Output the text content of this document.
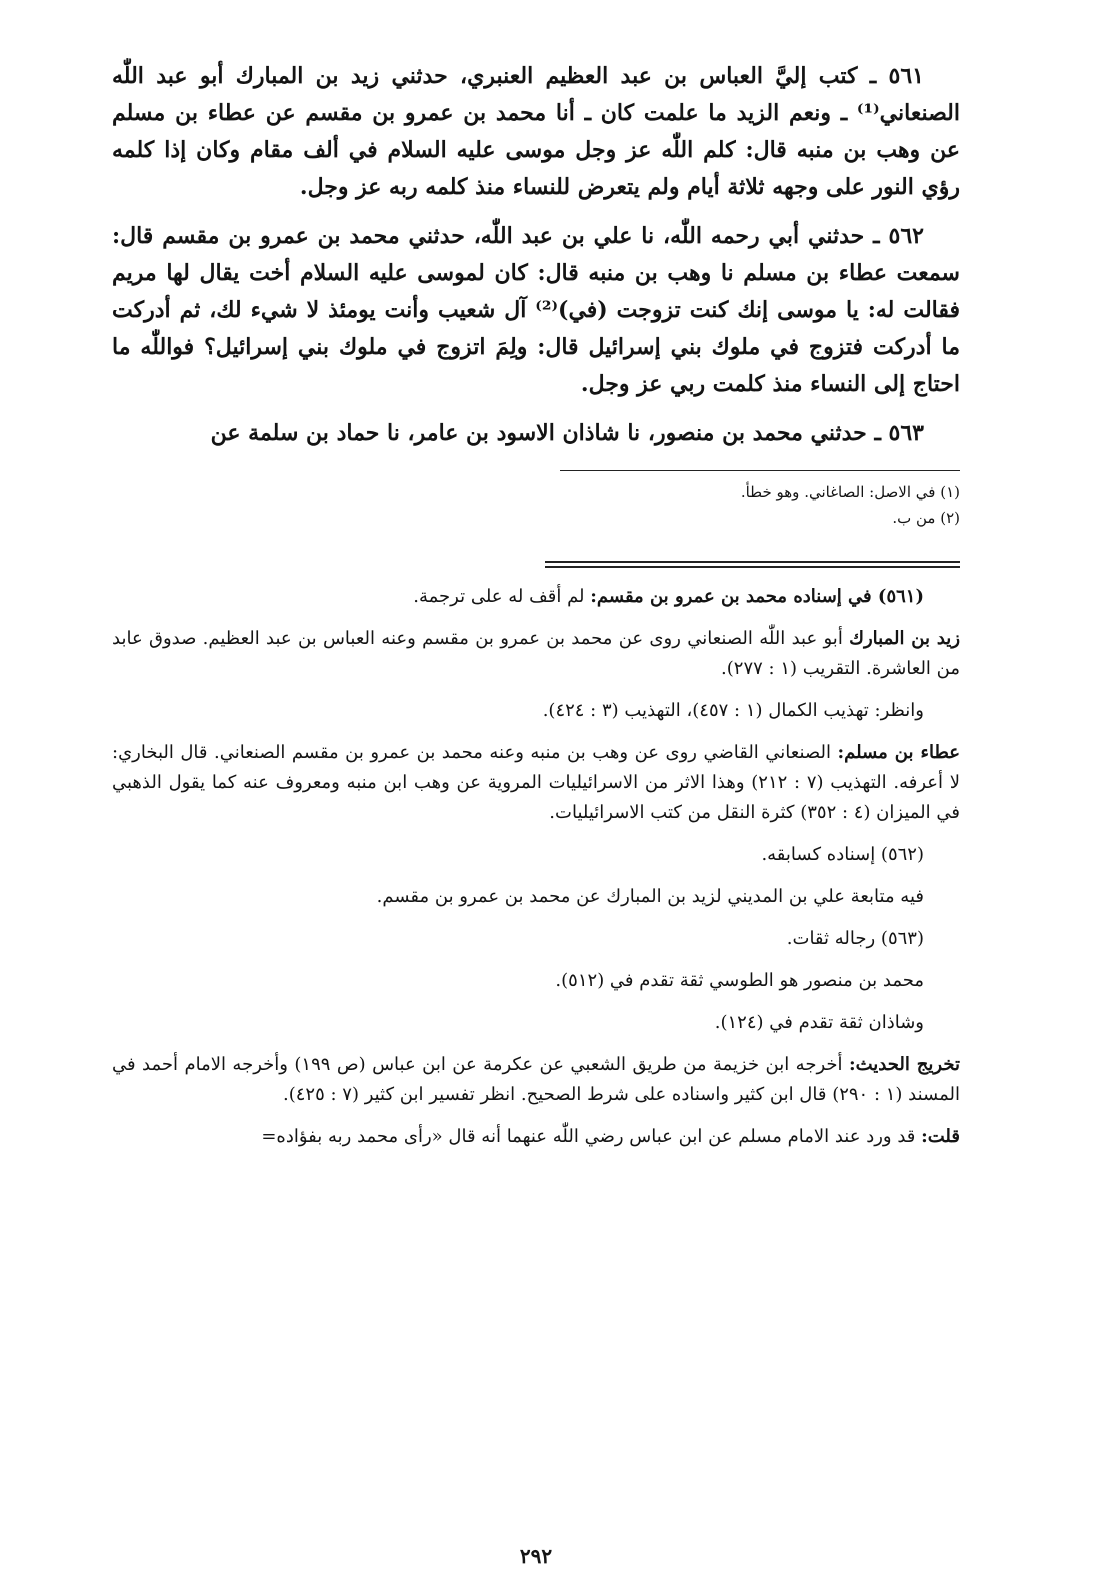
٥٦١ ـ كتب إليَّ العباس بن عبد العظيم العنبري، حدثني زيد بن المبارك أبو عبد اللّٰه الصنعاني⁽¹⁾ ـ ونعم الزيد ما علمت كان ـ أنا محمد بن عمرو بن مقسم عن عطاء بن مسلم عن وهب بن منبه قال: كلم اللّٰه عز وجل موسى عليه السلام في ألف مقام وكان إذا كلمه رؤي النور على وجهه ثلاثة أيام ولم يتعرض للنساء منذ كلمه ربه عز وجل.

٥٦٢ ـ حدثني أبي رحمه اللّٰه، نا علي بن عبد اللّٰه، حدثني محمد بن عمرو بن مقسم قال: سمعت عطاء بن مسلم نا وهب بن منبه قال: كان لموسى عليه السلام أخت يقال لها مريم فقالت له: يا موسى إنك كنت تزوجت (في)⁽²⁾ آل شعيب وأنت يومئذ لا شيء لك، ثم أدركت ما أدركت فتزوج في ملوك بني إسرائيل قال: ولِمَ اتزوج في ملوك بني إسرائيل؟ فواللّٰه ما احتاج إلى النساء منذ كلمت ربي عز وجل.

٥٦٣ ـ حدثني محمد بن منصور، نا شاذان الاسود بن عامر، نا حماد بن سلمة عن

(١) في الاصل: الصاغاني. وهو خطأ.

(٢) من ب.

(٥٦١) في إسناده محمد بن عمرو بن مقسم: لم أقف له على ترجمة.

زيد بن المبارك أبو عبد اللّٰه الصنعاني روى عن محمد بن عمرو بن مقسم وعنه العباس بن عبد العظيم. صدوق عابد من العاشرة. التقريب (١ : ٢٧٧).

وانظر: تهذيب الكمال (١ : ٤٥٧)، التهذيب (٣ : ٤٢٤).

عطاء بن مسلم: الصنعاني القاضي روى عن وهب بن منبه وعنه محمد بن عمرو بن مقسم الصنعاني. قال البخاري: لا أعرفه. التهذيب (٧ : ٢١٢) وهذا الاثر من الاسرائيليات المروية عن وهب ابن منبه ومعروف عنه كما يقول الذهبي في الميزان (٤ : ٣٥٢) كثرة النقل من كتب الاسرائيليات.

(٥٦٢) إسناده كسابقه.

فيه متابعة علي بن المديني لزيد بن المبارك عن محمد بن عمرو بن مقسم.

(٥٦٣) رجاله ثقات.

محمد بن منصور هو الطوسي ثقة تقدم في (٥١٢).

وشاذان ثقة تقدم في (١٢٤).

تخريج الحديث: أخرجه ابن خزيمة من طريق الشعبي عن عكرمة عن ابن عباس (ص ١٩٩) وأخرجه الامام أحمد في المسند (١ : ٢٩٠) قال ابن كثير واسناده على شرط الصحيح. انظر تفسير ابن كثير (٧ : ٤٢٥).

قلت: قد ورد عند الامام مسلم عن ابن عباس رضي اللّٰه عنهما أنه قال «رأى محمد ربه بفؤاده=

٢٩٢
